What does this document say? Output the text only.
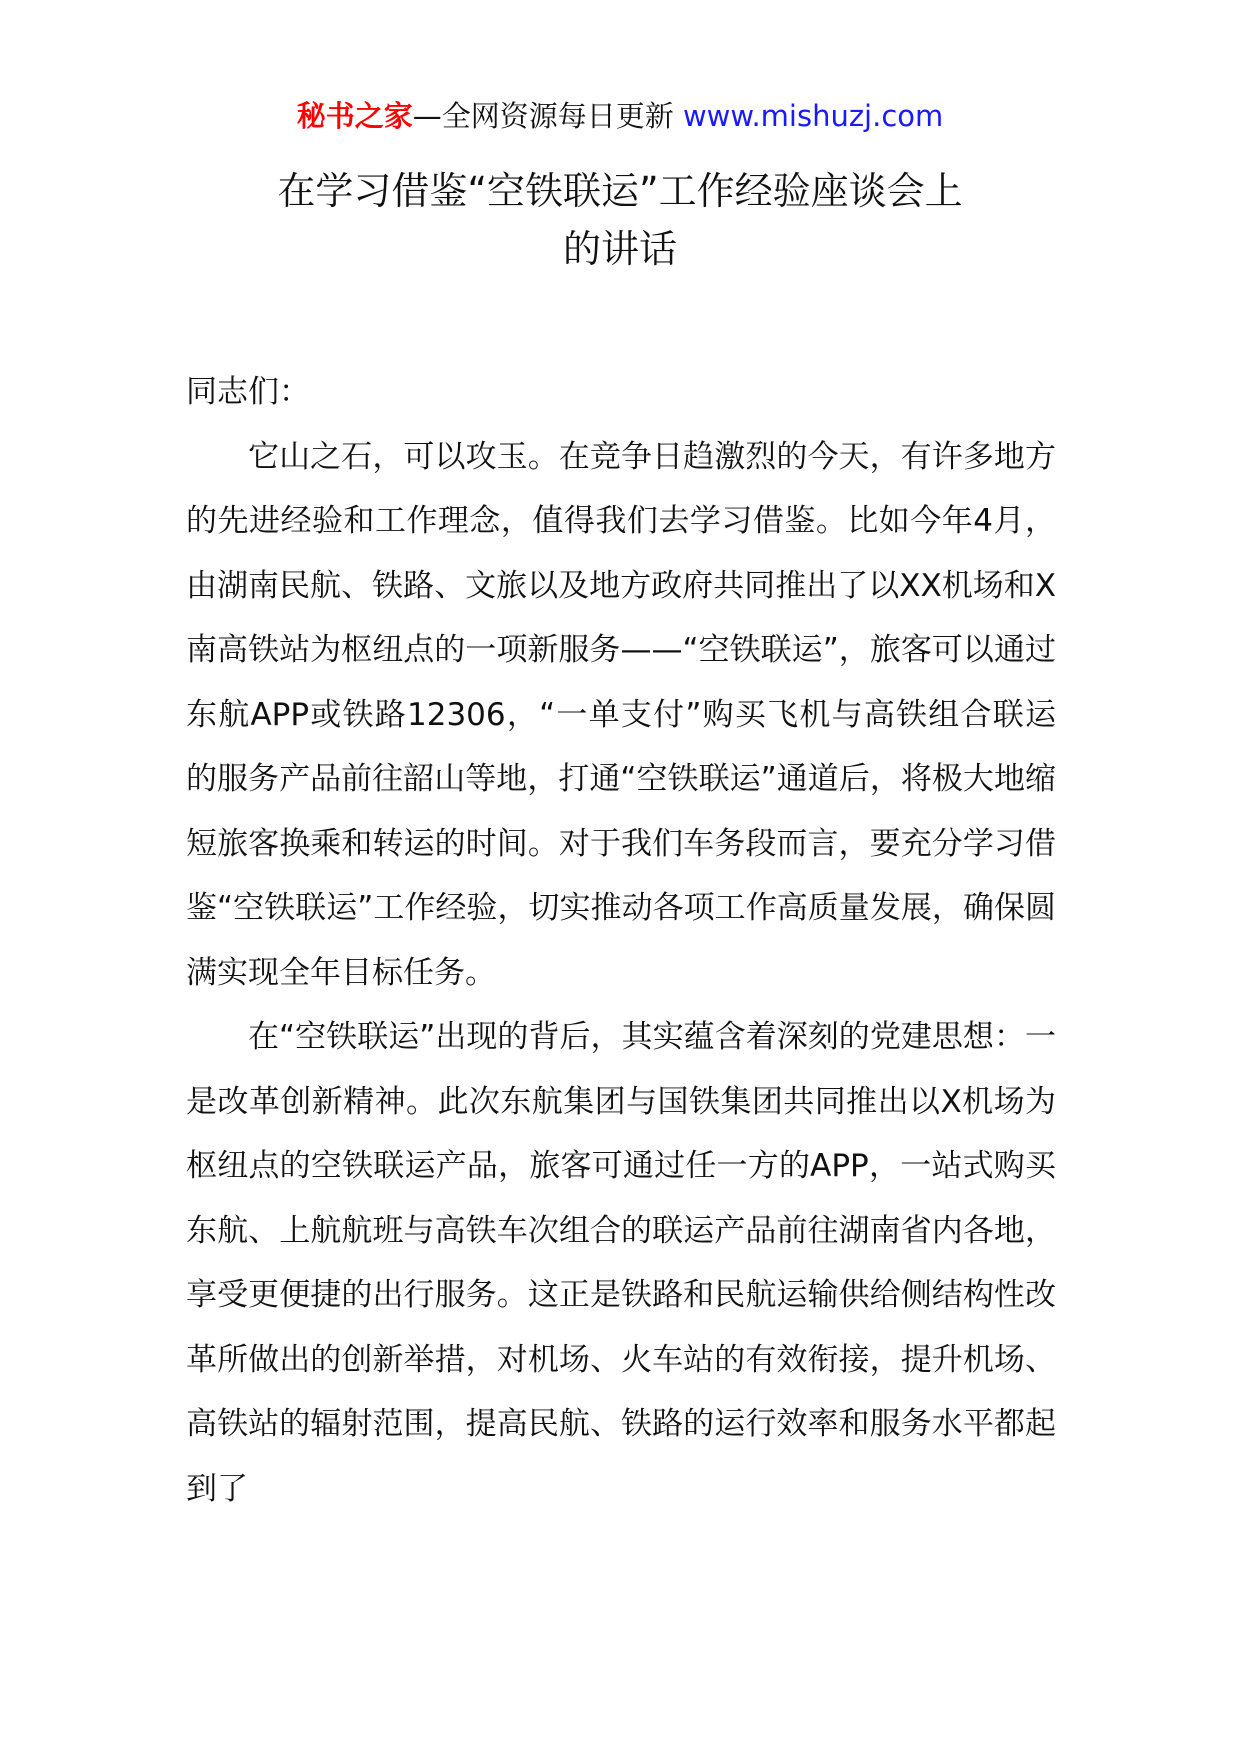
秘书之家—全网资源每日更新 www.mishuzj.com
在学习借鉴“空铁联运”工作经验座谈会上
的讲话

同志们：

它山之石，可以攻玉。在竞争日趋激烈的今天，有许多地方的先进经验和工作理念，值得我们去学习借鉴。比如今年4月，由湖南民航、铁路、文旅以及地方政府共同推出了以XX机场和X南高铁站为枢纽点的一项新服务——“空铁联运”，旅客可以通过东航APP或铁路12306，“一单支付”购买飞机与高铁组合联运的服务产品前往韶山等地，打通“空铁联运”通道后，将极大地缩短旅客换乘和转运的时间。对于我们车务段而言，要充分学习借鉴“空铁联运”工作经验，切实推动各项工作高质量发展，确保圆满实现全年目标任务。

在“空铁联运”出现的背后，其实蕴含着深刻的党建思想：一是改革创新精神。此次东航集团与国铁集团共同推出以X机场为枢纽点的空铁联运产品，旅客可通过任一方的APP，一站式购买东航、上航航班与高铁车次组合的联运产品前往湖南省内各地，享受更便捷的出行服务。这正是铁路和民航运输供给侧结构性改革所做出的创新举措，对机场、火车站的有效衔接，提升机场、高铁站的辐射范围，提高民航、铁路的运行效率和服务水平都起到了
